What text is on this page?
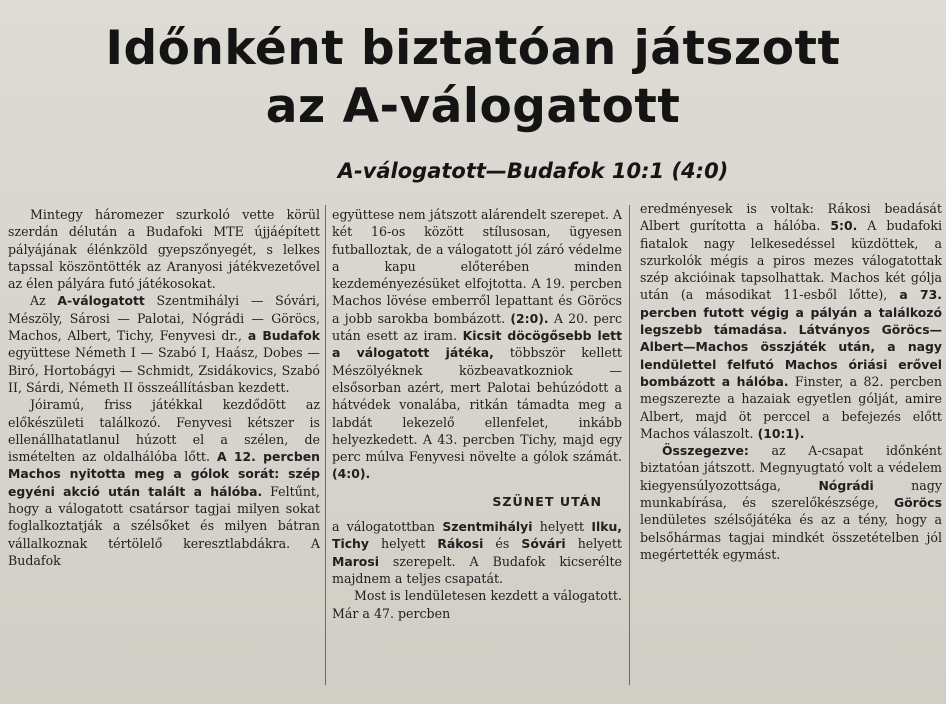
Időnként biztatóan játszott
az A-válogatott
A-válogatott—Budafok 10:1 (4:0)

Mintegy háromezer szurkoló vette körül szerdán délután a Budafoki MTE újjáépített pályájának élénkzöld gyepszőnyegét, s lelkes tapssal köszöntötték az Aranyosi játékvezetővel az élen pályára futó játékosokat.

Az A-válogatott Szentmihályi — Sóvári, Mészöly, Sárosi — Palotai, Nógrádi — Göröcs, Machos, Albert, Tichy, Fenyvesi dr., a Budafok együttese Németh I — Szabó I, Haász, Dobes — Biró, Hortobágyi — Schmidt, Zsidákovics, Szabó II, Sárdi, Németh II összeállításban kezdett.

Jóiramú, friss játékkal kezdődött az előkészületi találkozó. Fenyvesi kétszer is ellenállhatatlanul húzott el a szélen, de ismételten az oldalhálóba lőtt. A 12. percben Machos nyitotta meg a gólok sorát: szép egyéni akció után talált a hálóba. Feltűnt, hogy a válogatott csatársor tagjai milyen sokat foglalkoztatják a szélsőket és milyen bátran vállalkoznak tértölelő keresztlabdákra. A Budafok

együttese nem játszott alárendelt szerepet. A két 16-os között stílusosan, ügyesen futballoztak, de a válogatott jól záró védelme a kapu előterében minden kezdeményezésüket elfojtotta. A 19. percben Machos lövése emberről lepattant és Göröcs a jobb sarokba bombázott. (2:0). A 20. perc után esett az iram. Kicsit döcögősebb lett a válogatott játéka, többször kellett Mészölyéknek közbeavatkozniok — elsősorban azért, mert Palotai behúzódott a hátvédek vonalába, ritkán támadta meg a labdát lekezelő ellenfelet, inkább helyezkedett. A 43. percben Tichy, majd egy perc múlva Fenyvesi növelte a gólok számát. (4:0).

SZÜNET UTÁN

a válogatottban Szentmihályi helyett Ilku, Tichy helyett Rákosi és Sóvári helyett Marosi szerepelt. A Budafok kicserélte majdnem a teljes csapatát.

Most is lendületesen kezdett a válogatott. Már a 47. percben

eredményesek is voltak: Rákosi beadását Albert gurította a hálóba. 5:0. A budafoki fiatalok nagy lelkesedéssel küzdöttek, a szurkolók mégis a piros mezes válogatottak szép akcióinak tapsolhattak. Machos két gólja után (a másodikat 11-esből lőtte), a 73. percben futott végig a pályán a találkozó legszebb támadása. Látványos Göröcs—Albert—Machos összjáték után, a nagy lendülettel felfutó Machos óriási erővel bombázott a hálóba. Finster, a 82. percben megszerezte a hazaiak egyetlen gólját, amire Albert, majd öt perccel a befejezés előtt Machos válaszolt. (10:1).

Összegezve: az A-csapat időnként biztatóan játszott. Megnyugtató volt a védelem kiegyensúlyozottsága, Nógrádi nagy munkabírása, és szerelőkészsége, Göröcs lendületes szélsőjátéka és az a tény, hogy a belsőhármas tagjai mindkét összetételben jól megértették egymást.
